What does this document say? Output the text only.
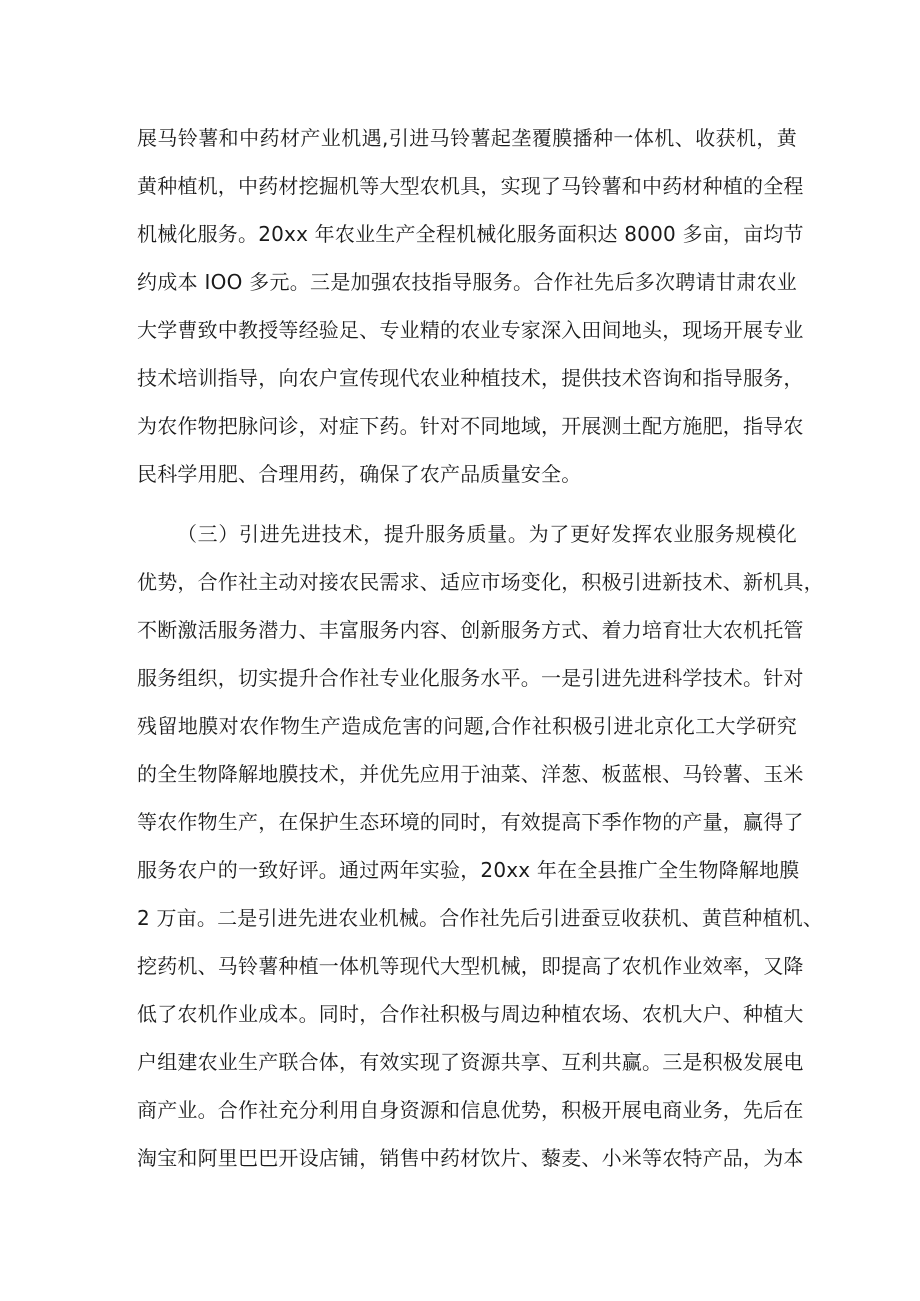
展马铃薯和中药材产业机遇,引进马铃薯起垄覆膜播种一体机、收获机，黄
黄种植机，中药材挖掘机等大型农机具，实现了马铃薯和中药材种植的全程
机械化服务。20xx 年农业生产全程机械化服务面积达 8000 多亩，亩均节
约成本 IOO 多元。三是加强农技指导服务。合作社先后多次聘请甘肃农业
大学曹致中教授等经验足、专业精的农业专家深入田间地头，现场开展专业
技术培训指导，向农户宣传现代农业种植技术，提供技术咨询和指导服务，
为农作物把脉问诊，对症下药。针对不同地域，开展测土配方施肥，指导农
民科学用肥、合理用药，确保了农产品质量安全。
（三）引进先进技术，提升服务质量。为了更好发挥农业服务规模化
优势，合作社主动对接农民需求、适应市场变化，积极引进新技术、新机具，
不断激活服务潜力、丰富服务内容、创新服务方式、着力培育壮大农机托管
服务组织，切实提升合作社专业化服务水平。一是引进先进科学技术。针对
残留地膜对农作物生产造成危害的问题,合作社积极引进北京化工大学研究
的全生物降解地膜技术，并优先应用于油菜、洋葱、板蓝根、马铃薯、玉米
等农作物生产，在保护生态环境的同时，有效提高下季作物的产量，赢得了
服务农户的一致好评。通过两年实验，20xx 年在全县推广全生物降解地膜
2 万亩。二是引进先进农业机械。合作社先后引进蚕豆收获机、黄苣种植机、
挖药机、马铃薯种植一体机等现代大型机械，即提高了农机作业效率，又降
低了农机作业成本。同时，合作社积极与周边种植农场、农机大户、种植大
户组建农业生产联合体，有效实现了资源共享、互利共赢。三是积极发展电
商产业。合作社充分利用自身资源和信息优势，积极开展电商业务，先后在
淘宝和阿里巴巴开设店铺，销售中药材饮片、藜麦、小米等农特产品，为本
